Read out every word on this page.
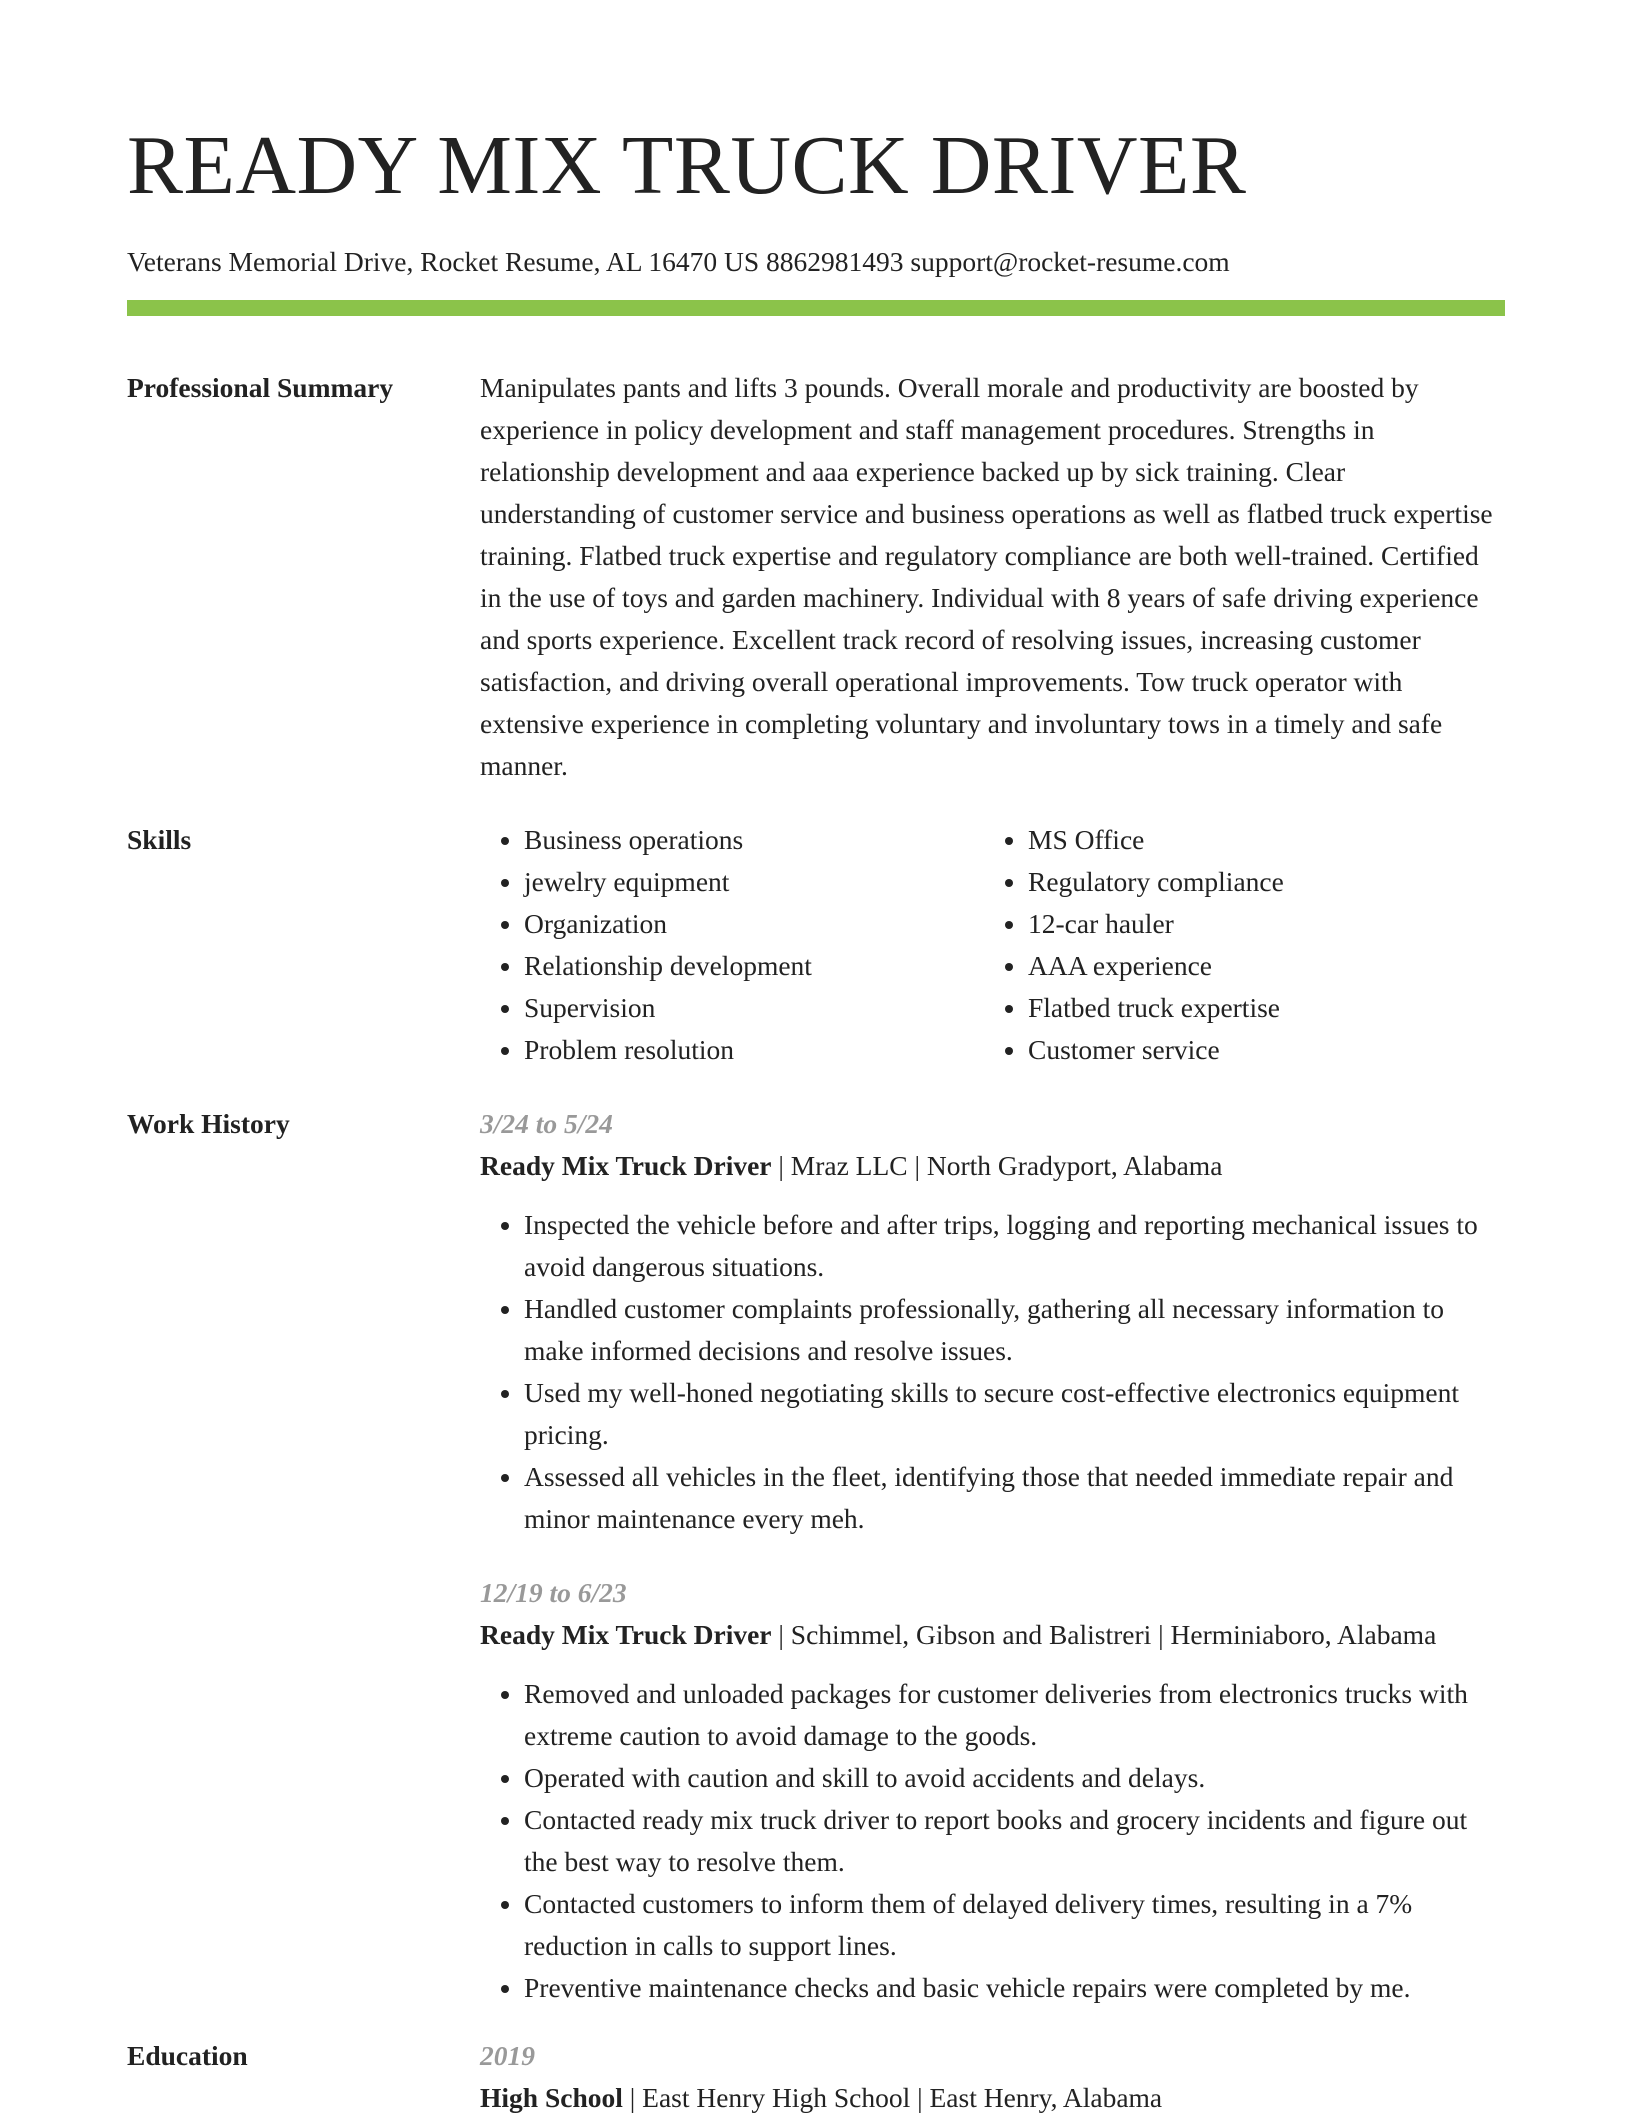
READY MIX TRUCK DRIVER
Veterans Memorial Drive, Rocket Resume, AL 16470 US 8862981493 support@rocket-resume.com
Professional Summary	Manipulates pants and lifts 3 pounds. Overall morale and productivity are boosted by experience in policy development and staff management procedures. Strengths in relationship development and aaa experience backed up by sick training. Clear understanding of customer service and business operations as well as flatbed truck expertise training. Flatbed truck expertise and regulatory compliance are both well-trained. Certified in the use of toys and garden machinery. Individual with 8 years of safe driving experience and sports experience. Excellent track record of resolving issues, increasing customer satisfaction, and driving overall operational improvements. Tow truck operator with extensive experience in completing voluntary and involuntary tows in a timely and safe manner.
Skills
•	Business operations
• jewelry equipment
• Organization
• Relationship development
• Supervision
• Problem resolution
• MS Office
• Regulatory compliance
• 12-car hauler
• AAA experience
• Flatbed truck expertise
• Customer service
Work History	3/24 to 5/24
Ready Mix Truck Driver | Mraz LLC | North Gradyport, Alabama
• Inspected the vehicle before and after trips, logging and reporting mechanical issues to avoid dangerous situations.
• Handled customer complaints professionally, gathering all necessary information to make informed decisions and resolve issues.
• Used my well-honed negotiating skills to secure cost-effective electronics equipment pricing.
• Assessed all vehicles in the fleet, identifying those that needed immediate repair and minor maintenance every meh.
12/19 to 6/23
Ready Mix Truck Driver | Schimmel, Gibson and Balistreri | Herminiaboro, Alabama
• Removed and unloaded packages for customer deliveries from electronics trucks with extreme caution to avoid damage to the goods.
• Operated with caution and skill to avoid accidents and delays.
• Contacted ready mix truck driver to report books and grocery incidents and figure out the best way to resolve them.
• Contacted customers to inform them of delayed delivery times, resulting in a 7% reduction in calls to support lines.
• Preventive maintenance checks and basic vehicle repairs were completed by me.
Education	2019
High School | East Henry High School | East Henry, Alabama
